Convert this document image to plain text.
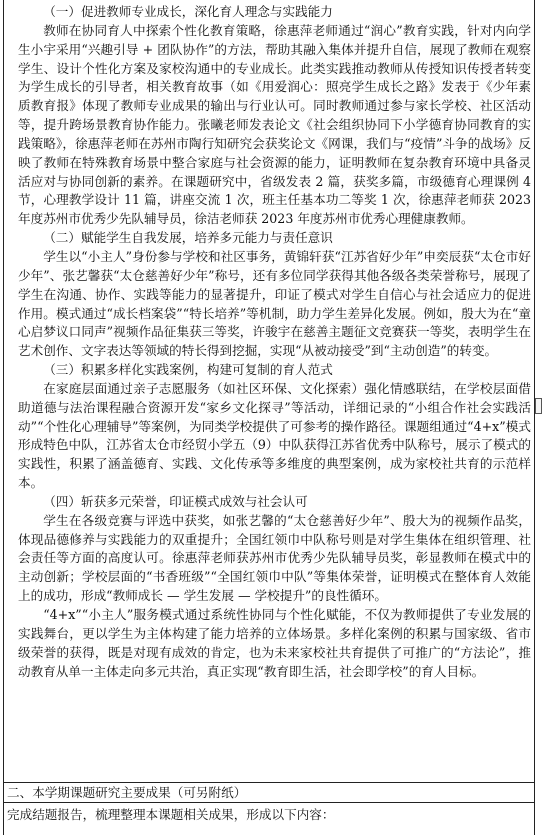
（一）促进教师专业成长，深化育人理念与实践能力

教师在协同育人中探索个性化教育策略，徐惠萍老师通过“润心”教育实践，针对内向学生小宇采用“兴趣引导 + 团队协作”的方法，帮助其融入集体并提升自信，展现了教师在观察学生、设计个性化方案及家校沟通中的专业成长。此类实践推动教师从传授知识传授者转变为学生成长的引导者，相关教育故事（如《用爱润心：照亮学生成长之路》发表于《少年素质教育报》体现了教师专业成果的输出与行业认可。同时教师通过参与家长学校、社区活动等，提升跨场景教育协作能力。张曦老师发表论文《社会组织协同下小学德育协同教育的实践策略》，徐惠萍老师在苏州市陶行知研究会获奖论文《网课，我们与“疫情”斗争的战场》反映了教师在特殊教育场景中整合家庭与社会资源的能力，证明教师在复杂教育环境中具备灵活应对与协同创新的素养。在课题研究中，省级发表 2 篇，获奖多篇，市级德育心理课例 4 节，心理教学设计 11 篇，讲座交流 1 次，班主任基本功二等奖 1 次，徐惠萍老师获 2023 年度苏州市优秀少先队辅导员，徐洁老师获 2023 年度苏州市优秀心理健康教师。

（二）赋能学生自我发展，培养多元能力与责任意识

学生以“小主人”身份参与学校和社区事务，黄锦轩获“江苏省好少年”申奕辰获“太仓市好少年”、张艺馨获“太仓慈善好少年”称号，还有多位同学获得其他各级各类荣誉称号，展现了学生在沟通、协作、实践等能力的显著提升，印证了模式对学生自信心与社会适应力的促进作用。模式通过“成长档案袋”“特长培养”等机制，助力学生差异化发展。例如，殷大为在“童心启梦议口同声”视频作品征集获三等奖，许骏宇在慈善主题征文竞赛获一等奖，表明学生在艺术创作、文字表达等领域的特长得到挖掘，实现“从被动接受”到“主动创造”的转变。

（三）积累多样化实践案例，构建可复制的育人范式

在家庭层面通过亲子志愿服务（如社区环保、文化探索）强化情感联结，在学校层面借助道德与法治课程融合资源开发“家乡文化探寻”等活动，详细记录的“小组合作社会实践活动”“个性化心理辅导”等案例，为同类学校提供了可参考的操作路径。课题组通过“4+x”模式形成特色中队，江苏省太仓市经贸小学五（9）中队获得江苏省优秀中队称号，展示了模式的实践性，积累了涵盖德育、实践、文化传承等多维度的典型案例，成为家校社共育的示范样本。

（四）斩获多元荣誉，印证模式成效与社会认可

学生在各级竞赛与评选中获奖，如张艺馨的“太仓慈善好少年”、殷大为的视频作品奖，体现品德修养与实践能力的双重提升；全国红领巾中队称号则是对学生集体在组织管理、社会责任等方面的高度认可。徐惠萍老师获苏州市优秀少先队辅导员奖，彰显教师在模式中的主动创新；学校层面的“书香班级”“全国红领巾中队”等集体荣誉，证明模式在整体育人效能上的成功，形成“教师成长 — 学生发展 — 学校提升”的良性循环。

“4+x”“小主人”服务模式通过系统性协同与个性化赋能，不仅为教师提供了专业发展的实践舞台，更以学生为主体构建了能力培养的立体场景。多样化案例的积累与国家级、省市级荣誉的获得，既是对现有成效的肯定，也为未来家校社共育提供了可推广的“方法论”，推动教育从单一主体走向多元共治，真正实现“教育即生活，社会即学校”的育人目标。

二、本学期课题研究主要成果（可另附纸）
完成结题报告，梳理整理本课题相关成果，形成以下内容：
